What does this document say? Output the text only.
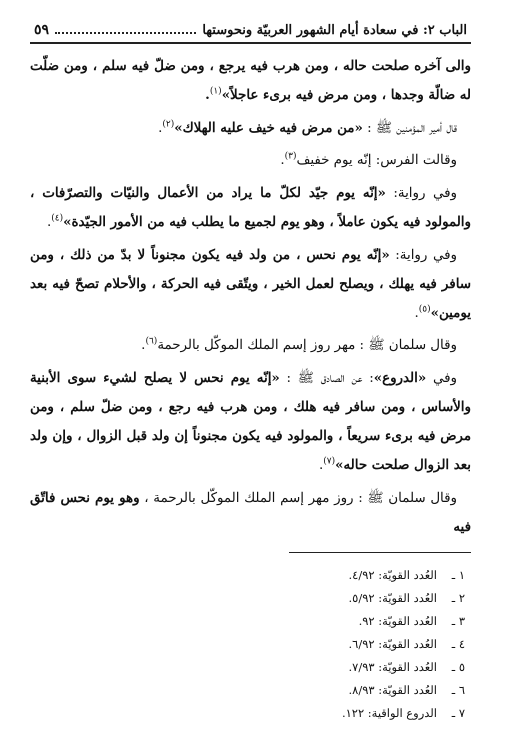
الباب ٢: في سعادة أيام الشهور العربيّة ونحوستها
٥٩

والى آخره صلحت حاله ، ومن هرب فيه يرجع ، ومن ضلّ فيه سلم ، ومن ضلّت له ضالّة وجدها ، ومن مرض فيه برىء عاجلاً»$^{(١)}$.

قال أمير المؤمنين ﷺ : «من مرض فيه خيف عليه الهلاك»$^{(٢)}$.

وقالت الفرس: إنّه يوم خفيف$^{(٣)}$.

وفي رواية: «إنّه يوم جيّد لكلّ ما يراد من الأعمال والنيّات والتصرّفات ، والمولود فيه يكون عاملاً ، وهو يوم لجميع ما يطلب فيه من الأمور الجيّدة»$^{(٤)}$.

وفي رواية: «إنّه يوم نحس ، من ولد فيه يكون مجنوناً لا بدّ من ذلك ، ومن سافر فيه يهلك ، ويصلح لعمل الخير ، ويتّقى فيه الحركة ، والأحلام تصحّ فيه بعد يومين»$^{(٥)}$.

وقال سلمان ﷺ : مهر روز إسم الملك الموكّل بالرحمة$^{(٦)}$.

وفي «الدروع»: عن الصادق ﷺ : «إنّه يوم نحس لا يصلح لشيء سوى الأبنية والأساس ، ومن سافر فيه هلك ، ومن هرب فيه رجع ، ومن ضلّ سلم ، ومن مرض فيه برىء سريعاً ، والمولود فيه يكون مجنوناً إن ولد قبل الزوال ، وإن ولد بعد الزوال صلحت حاله»$^{(٧)}$.

وقال سلمان ﷺ : روز مهر إسم الملك الموكّل بالرحمة ، وهو يوم نحس فاتّق فيه

١ ـ
العُدد القويّة: ٤/٩٢.
٢ ـ
العُدد القويّة: ٥/٩٢.
٣ ـ
العُدد القويّة: ٩٢.
٤ ـ
العُدد القويّة: ٦/٩٢.
٥ ـ
العُدد القويّة: ٧/٩٣.
٦ ـ
العُدد القويّة: ٨/٩٣.
٧ ـ
الدروع الواقية: ١٢٢.
